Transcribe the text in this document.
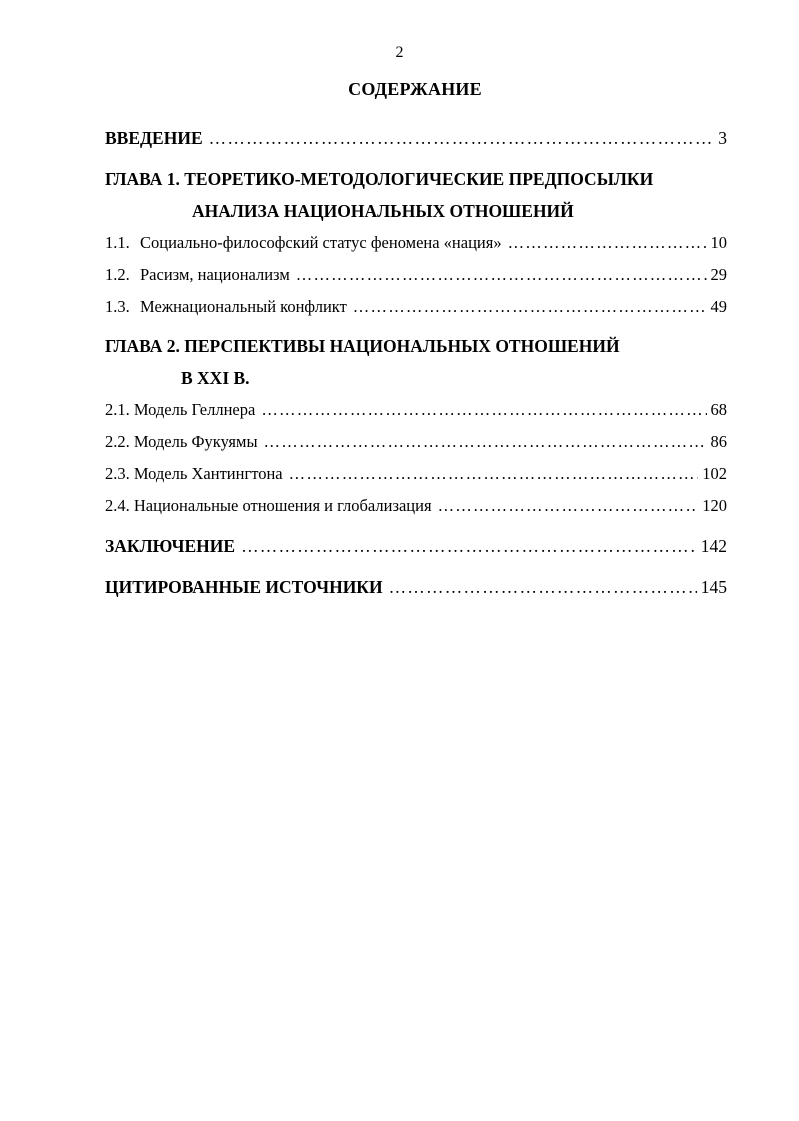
2
СОДЕРЖАНИЕ
ВВЕДЕНИЕ ………………………………………………………………………………………………………………………………………………………………	3
ГЛАВА 1. ТЕОРЕТИКО-МЕТОДОЛОГИЧЕСКИЕ ПРЕДПОСЫЛКИ
АНАЛИЗА НАЦИОНАЛЬНЫХ ОТНОШЕНИЙ
1.1. Социально-философский статус феномена «нация» ………………………………………………………………………………………………………………………………………………………………	10
1.2. Расизм, национализм ………………………………………………………………………………………………………………………………………………………………	29
1.3. Межнациональный конфликт ………………………………………………………………………………………………………………………………………………………………	49
ГЛАВА 2. ПЕРСПЕКТИВЫ НАЦИОНАЛЬНЫХ ОТНОШЕНИЙ
В XXI В.
2.1. Модель Геллнера ………………………………………………………………………………………………………………………………………………………………	68
2.2. Модель Фукуямы ………………………………………………………………………………………………………………………………………………………………	86
2.3. Модель Хантингтона ………………………………………………………………………………………………………………………………………………………………	102
2.4. Национальные отношения и глобализация ………………………………………………………………………………………………………………………………………………………………	120
ЗАКЛЮЧЕНИЕ ………………………………………………………………………………………………………………………………………………………………	142
ЦИТИРОВАННЫЕ ИСТОЧНИКИ ………………………………………………………………………………………………………………………………………………………………	145
